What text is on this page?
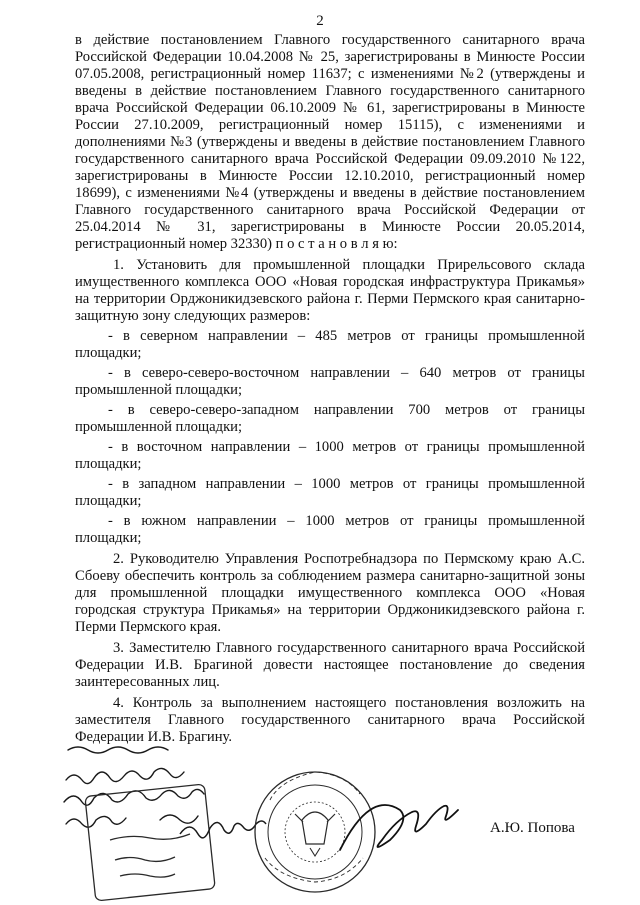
2

в действие постановлением Главного государственного санитарного врача Российской Федерации 10.04.2008 № 25, зарегистрированы в Минюсте России 07.05.2008, регистрационный номер 11637; с изменениями №2 (утверждены и введены в действие постановлением Главного государственного санитарного врача Российской Федерации 06.10.2009 № 61, зарегистрированы в Минюсте России 27.10.2009, регистрационный номер 15115), с изменениями и дополнениями №3 (утверждены и введены в действие постановлением Главного государственного санитарного врача Российской Федерации 09.09.2010 №122, зарегистрированы в Минюсте России 12.10.2010, регистрационный номер 18699), с изменениями №4 (утверждены и введены в действие постановлением Главного государственного санитарного врача Российской Федерации от 25.04.2014 № 31, зарегистрированы в Минюсте России 20.05.2014, регистрационный номер 32330) п о с т а н о в л я ю:

1. Установить для промышленной площадки Прирельсового склада имущественного комплекса ООО «Новая городская инфраструктура Прикамья» на территории Орджоникидзевского района г. Перми Пермского края санитарно-защитную зону следующих размеров:

- в северном направлении – 485 метров от границы промышленной площадки;

- в северо-северо-восточном направлении – 640 метров от границы промышленной площадки;

- в северо-северо-западном направлении 700 метров от границы промышленной площадки;

- в восточном направлении – 1000 метров от границы промышленной площадки;

- в западном направлении – 1000 метров от границы промышленной площадки;

- в южном направлении – 1000 метров от границы промышленной площадки;

2. Руководителю Управления Роспотребнадзора по Пермскому краю А.С. Сбоеву обеспечить контроль за соблюдением размера санитарно-защитной зоны для промышленной площадки имущественного комплекса ООО «Новая городская структура Прикамья» на территории Орджоникидзевского района г. Перми Пермского края.

3. Заместителю Главного государственного санитарного врача Российской Федерации И.В. Брагиной довести настоящее постановление до сведения заинтересованных лиц.

4. Контроль за выполнением настоящего постановления возложить на заместителя Главного государственного санитарного врача Российской Федерации И.В. Брагину.

А.Ю. Попова
